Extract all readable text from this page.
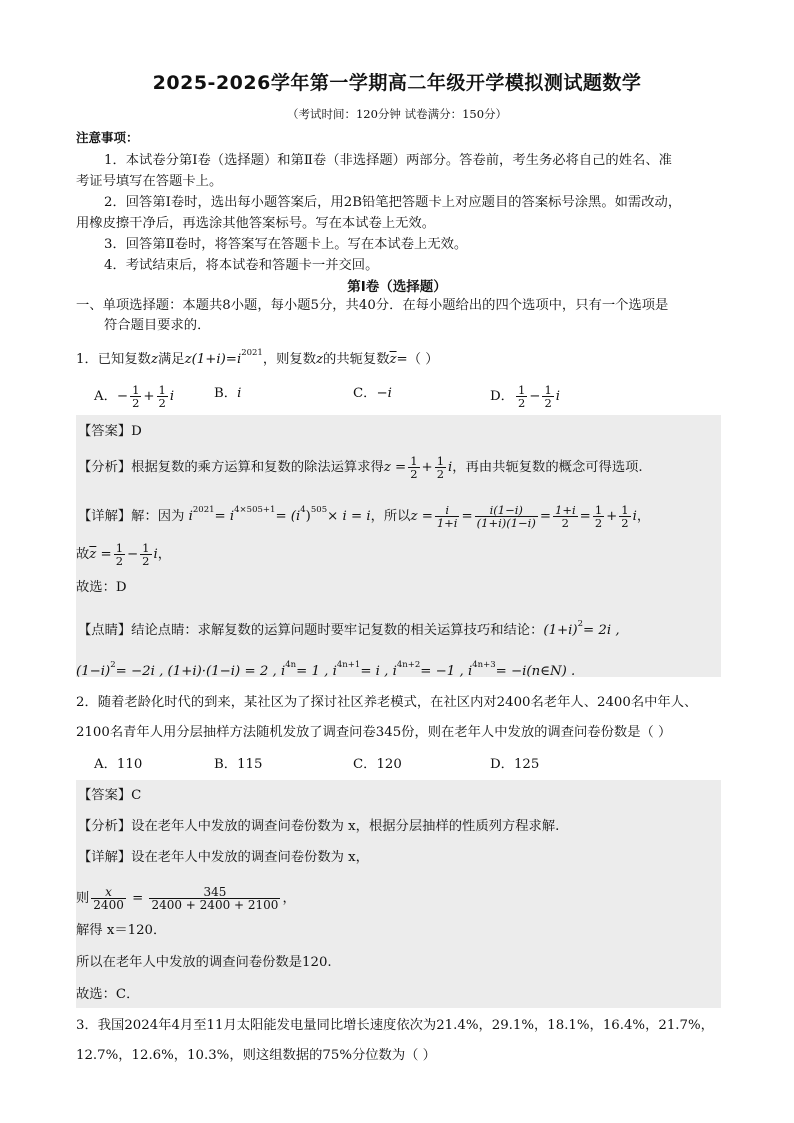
2025-2026学年第一学期高二年级开学模拟测试题数学
（考试时间：120分钟 试卷满分：150分）
注意事项：
1．本试卷分第Ⅰ卷（选择题）和第Ⅱ卷（非选择题）两部分。答卷前，考生务必将自己的姓名、准
考证号填写在答题卡上。
2．回答第Ⅰ卷时，选出每小题答案后，用2B铅笔把答题卡上对应题目的答案标号涂黑。如需改动，
用橡皮擦干净后，再选涂其他答案标号。写在本试卷上无效。
3．回答第Ⅱ卷时，将答案写在答题卡上。写在本试卷上无效。
4．考试结束后，将本试卷和答题卡一并交回。
第Ⅰ卷（选择题）
一、单项选择题：本题共8小题，每小题5分，共40分．在每小题给出的四个选项中，只有一个选项是
符合题目要求的．
1．已知复数z满足$z(1+i)=i^{2021}$，则复数z的共轭复数$\overline{z}=$（ ）
A．− $\frac{1}{2} + \frac{1}{2}$ i	B．i	C．−i	D． $\frac{1}{2} - \frac{1}{2}$ i
【答案】D
【分析】根据复数的乘方运算和复数的除法运算求得$z = \frac{1}{2} + \frac{1}{2}$ i，再由共轭复数的概念可得选项.
【详解】解：因为 $i^{2021}= i^{4\times 505+1}= (i^4)^{505}\times i = i$，所以$z = \frac{i}{1+i} = \frac{i(1-i)}{(1+i)(1-i)} = \frac{1+i}{2} = \frac{1}{2} + \frac{1}{2}$ i，
故$\overline{z} = \frac{1}{2} - \frac{1}{2}$ i，
故选：D
【点睛】结论点睛：求解复数的运算问题时要牢记复数的相关运算技巧和结论：$(1+i)^2= 2i$ ,
$(1-i)^2= -2i$ , (1+i)·(1−i) = 2 , $i^{4n}= 1$ , $i^{4n+1}= i$ , $i^{4n+2}= -1$ , $i^{4n+3}=$ −i(n∈N) .
2．随着老龄化时代的到来，某社区为了探讨社区养老模式，在社区内对2400名老年人、2400名中年人、
2100名青年人用分层抽样方法随机发放了调查问卷345份，则在老年人中发放的调查问卷份数是（ ）
A．110	B．115	C．120	D．125
【答案】C
【分析】设在老年人中发放的调查问卷份数为 x，根据分层抽样的性质列方程求解.
【详解】设在老年人中发放的调查问卷份数为 x，
则 $\frac{x}{2400} = \frac{345}{2400 + 2400 + 2100}$ ，
解得 x＝120．
所以在老年人中发放的调查问卷份数是120.
故选：C．
3．我国2024年4月至11月太阳能发电量同比增长速度依次为21.4%，29.1%，18.1%，16.4%，21.7%，
12.7%，12.6%，10.3%，则这组数据的75%分位数为（ ）
